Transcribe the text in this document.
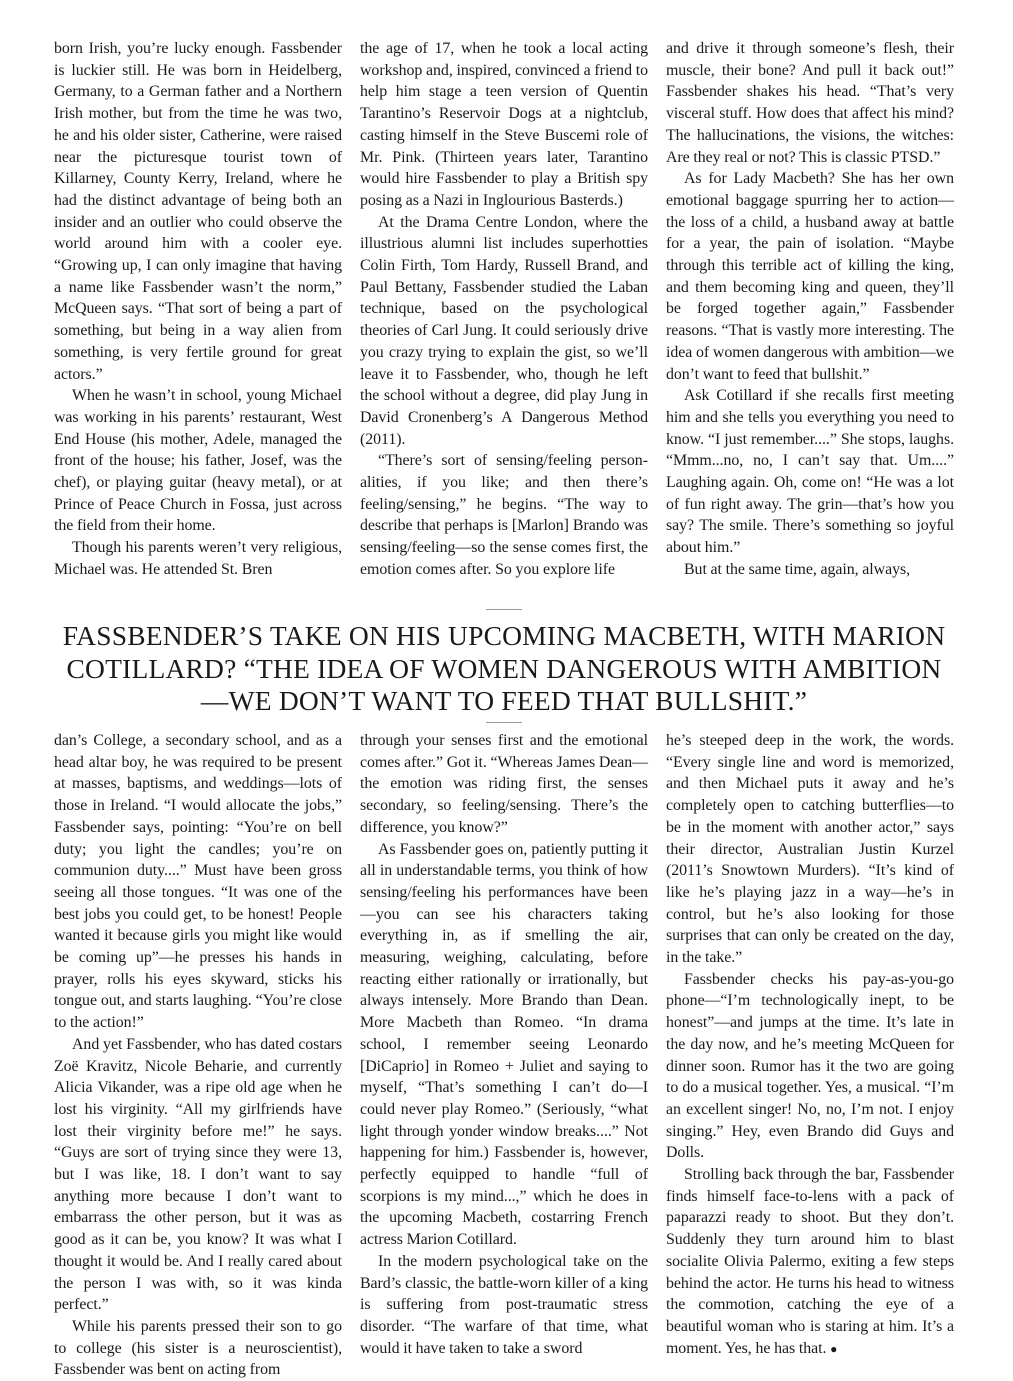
born Irish, you’re lucky enough. Fassbender is luckier still. He was born in Heidelberg, Germany, to a German father and a Northern Irish mother, but from the time he was two, he and his older sister, Catherine, were raised near the picturesque tourist town of Killarney, County Kerry, Ireland, where he had the distinct advantage of being both an insider and an outlier who could observe the world around him with a cooler eye. “Growing up, I can only imagine that having a name like Fassbender wasn’t the norm,” McQueen says. “That sort of being a part of something, but being in a way alien from something, is very fertile ground for great actors.”

When he wasn’t in school, young Michael was working in his parents’ restaurant, West End House (his mother, Adele, managed the front of the house; his father, Josef, was the chef), or playing guitar (heavy metal), or at Prince of Peace Church in Fossa, just across the field from their home.

Though his parents weren’t very religious, Michael was. He attended St. Bren

the age of 17, when he took a local acting workshop and, inspired, convinced a friend to help him stage a teen version of Quentin Tarantino’s Reservoir Dogs at a nightclub, casting himself in the Steve Buscemi role of Mr. Pink. (Thirteen years later, Tarantino would hire Fassbender to play a British spy posing as a Nazi in Inglourious Basterds.)

At the Drama Centre London, where the illustrious alumni list includes superhotties Colin Firth, Tom Hardy, Russell Brand, and Paul Bettany, Fassbender studied the Laban technique, based on the psychological theories of Carl Jung. It could seriously drive you crazy trying to explain the gist, so we’ll leave it to Fassbender, who, though he left the school without a degree, did play Jung in David Cronenberg’s A Dangerous Method (2011).

“There’s sort of sensing/feeling personalities, if you like; and then there’s feeling/sensing,” he begins. “The way to describe that perhaps is [Marlon] Brando was sensing/feeling—so the sense comes first, the emotion comes after. So you explore life

and drive it through someone’s flesh, their muscle, their bone? And pull it back out!” Fassbender shakes his head. “That’s very visceral stuff. How does that affect his mind? The hallucinations, the visions, the witches: Are they real or not? This is classic PTSD.”

As for Lady Macbeth? She has her own emotional baggage spurring her to action—the loss of a child, a husband away at battle for a year, the pain of isolation. “Maybe through this terrible act of killing the king, and them becoming king and queen, they’ll be forged together again,” Fassbender reasons. “That is vastly more interesting. The idea of women dangerous with ambition—we don’t want to feed that bullshit.”

Ask Cotillard if she recalls first meeting him and she tells you everything you need to know. “I just remember....” She stops, laughs. “Mmm...no, no, I can’t say that. Um....” Laughing again. Oh, come on! “He was a lot of fun right away. The grin—that’s how you say? The smile. There’s something so joyful about him.”

But at the same time, again, always,

FASSBENDER’S TAKE ON HIS UPCOMING MACBETH, WITH MARION COTILLARD? “THE IDEA OF WOMEN DANGEROUS WITH AMBITION—WE DON’T WANT TO FEED THAT BULLSHIT.”

dan’s College, a secondary school, and as a head altar boy, he was required to be present at masses, baptisms, and weddings—lots of those in Ireland. “I would allocate the jobs,” Fassbender says, pointing: “You’re on bell duty; you light the candles; you’re on communion duty....” Must have been gross seeing all those tongues. “It was one of the best jobs you could get, to be honest! People wanted it because girls you might like would be coming up”—he presses his hands in prayer, rolls his eyes skyward, sticks his tongue out, and starts laughing. “You’re close to the action!”

And yet Fassbender, who has dated costars Zoë Kravitz, Nicole Beharie, and currently Alicia Vikander, was a ripe old age when he lost his virginity. “All my girlfriends have lost their virginity before me!” he says. “Guys are sort of trying since they were 13, but I was like, 18. I don’t want to say anything more because I don’t want to embarrass the other person, but it was as good as it can be, you know? It was what I thought it would be. And I really cared about the person I was with, so it was kinda perfect.”

While his parents pressed their son to go to college (his sister is a neuroscientist), Fassbender was bent on acting from

through your senses first and the emotional comes after.” Got it. “Whereas James Dean—the emotion was riding first, the senses secondary, so feeling/sensing. There’s the difference, you know?”

As Fassbender goes on, patiently putting it all in understandable terms, you think of how sensing/feeling his performances have been—you can see his characters taking everything in, as if smelling the air, measuring, weighing, calculating, before reacting either rationally or irrationally, but always intensely. More Brando than Dean. More Macbeth than Romeo. “In drama school, I remember seeing Leonardo [DiCaprio] in Romeo + Juliet and saying to myself, “That’s something I can’t do—I could never play Romeo.” (Seriously, “what light through yonder window breaks....” Not happening for him.) Fassbender is, however, perfectly equipped to handle “full of scorpions is my mind...,” which he does in the upcoming Macbeth, costarring French actress Marion Cotillard.

In the modern psychological take on the Bard’s classic, the battle-worn killer of a king is suffering from post-traumatic stress disorder. “The warfare of that time, what would it have taken to take a sword

he’s steeped deep in the work, the words. “Every single line and word is memorized, and then Michael puts it away and he’s completely open to catching butterflies—to be in the moment with another actor,” says their director, Australian Justin Kurzel (2011’s Snowtown Murders). “It’s kind of like he’s playing jazz in a way—he’s in control, but he’s also looking for those surprises that can only be created on the day, in the take.”

Fassbender checks his pay-as-you-go phone—“I’m technologically inept, to be honest”—and jumps at the time. It’s late in the day now, and he’s meeting McQueen for dinner soon. Rumor has it the two are going to do a musical together. Yes, a musical. “I’m an excellent singer! No, no, I’m not. I enjoy singing.” Hey, even Brando did Guys and Dolls.

Strolling back through the bar, Fassbender finds himself face-to-lens with a pack of paparazzi ready to shoot. But they don’t. Suddenly they turn around him to blast socialite Olivia Palermo, exiting a few steps behind the actor. He turns his head to witness the commotion, catching the eye of a beautiful woman who is staring at him. It’s a moment. Yes, he has that. ●
